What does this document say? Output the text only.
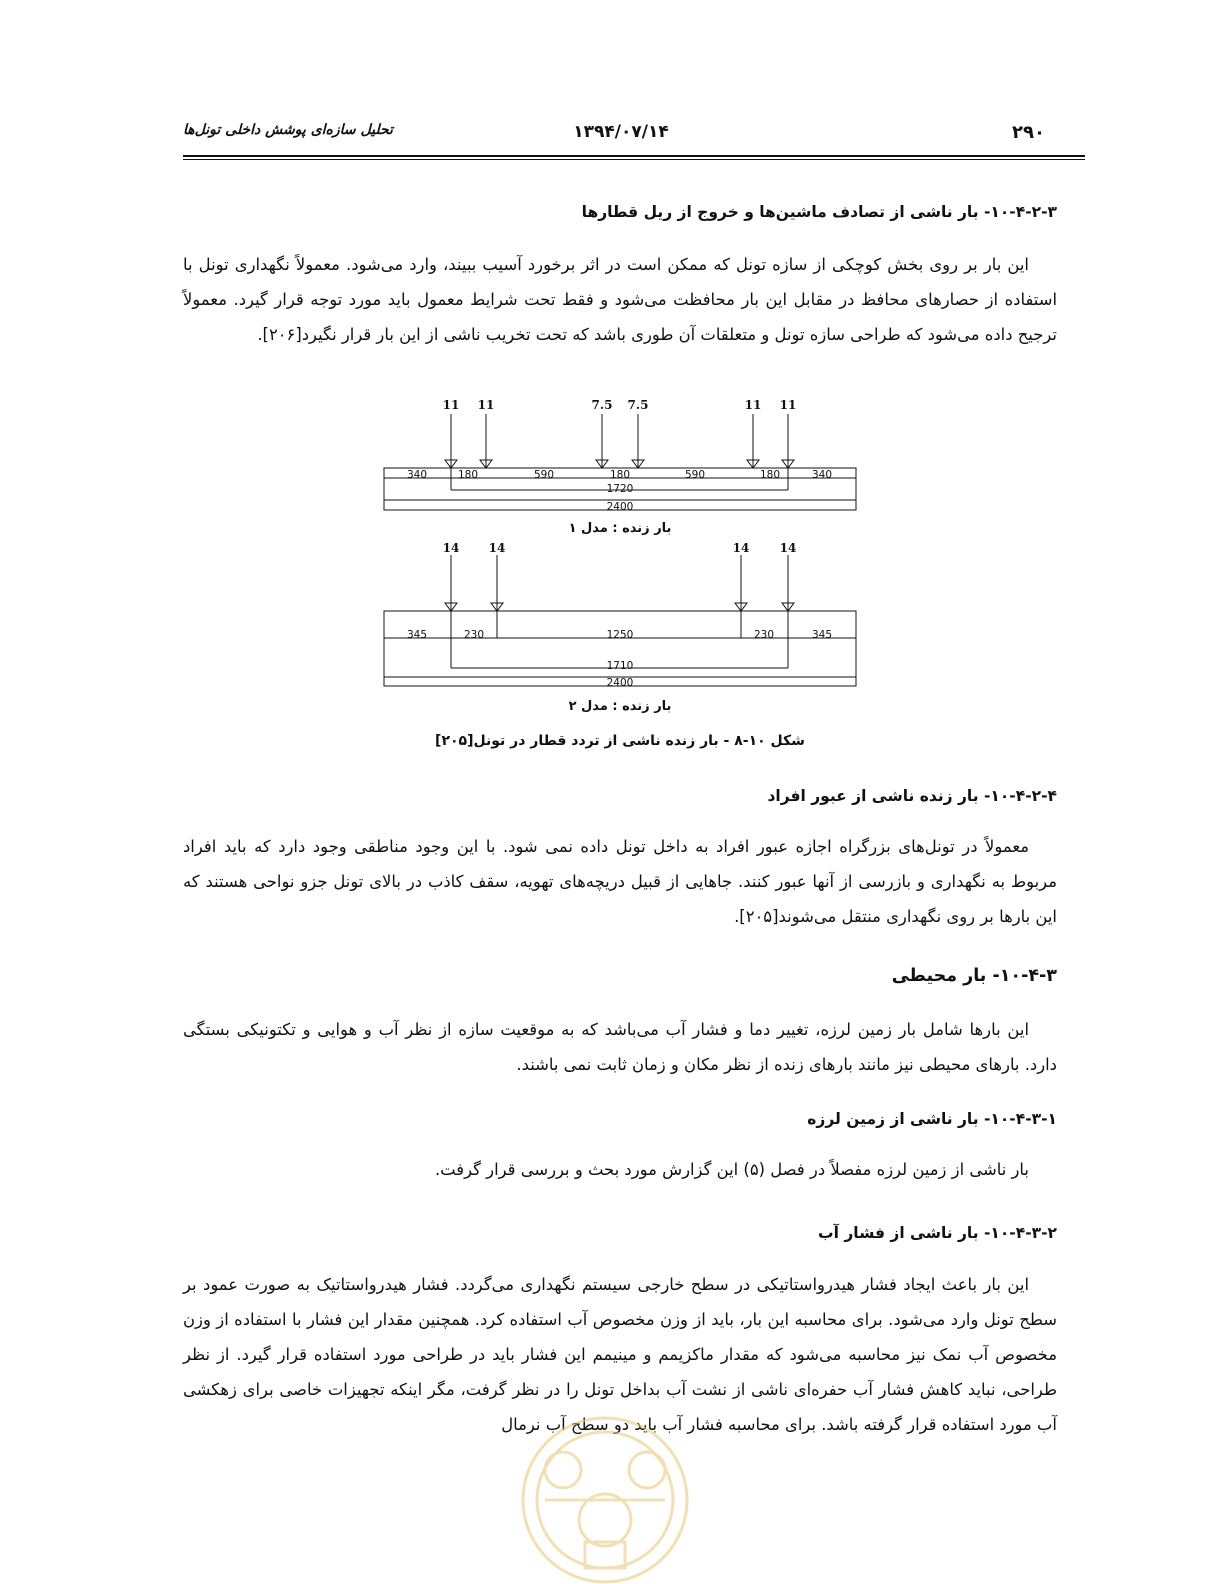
۲۹۰
۱۳۹۴/۰۷/۱۴
تحلیل سازه‌ای پوشش داخلی تونل‌ها
۱۰-۴-۲-۳- بار ناشی از تصادف ماشین‌ها و خروج از ریل قطارها
این بار بر روی بخش کوچکی از سازه تونل که ممکن است در اثر برخورد آسیب ببیند، وارد می‌شود. معمولاً نگهداری تونل با استفاده از حصارهای محافظ در مقابل این بار محافظت می‌شود و فقط تحت شرایط معمول باید مورد توجه قرار گیرد. معمولاً ترجیح داده می‌شود که طراحی سازه تونل و متعلقات آن طوری باشد که تحت تخریب ناشی از این بار قرار نگیرد[۲۰۶].
11 11	7.5 7.5	11 11
340	180	590	180	590	180	340
1720
2400
345	230	1250	230	345
1710
2400
14 14	14	14
بار زنده : مدل ۱
بار زنده : مدل ۲
شکل ۱۰-۸ - بار زنده ناشی از تردد قطار در تونل[۲۰۵]
۱۰-۴-۲-۴- بار زنده ناشی از عبور افراد
معمولاً در تونل‌های بزرگراه اجازه عبور افراد به داخل تونل داده نمی شود. با این وجود مناطقی وجود دارد که باید افراد مربوط به نگهداری و بازرسی از آنها عبور کنند. جاهایی از قبیل دریچه‌های تهویه، سقف کاذب در بالای تونل جزو نواحی هستند که این بارها بر روی نگهداری منتقل می‌شوند[۲۰۵].
۱۰-۴-۳- بار محیطی
این بارها شامل بار زمین لرزه، تغییر دما و فشار آب می‌باشد که به موقعیت سازه از نظر آب و هوایی و تکتونیکی بستگی دارد. بارهای محیطی نیز مانند بارهای زنده از نظر مکان و زمان ثابت نمی باشند.
۱۰-۴-۳-۱- بار ناشی از زمین لرزه
بار ناشی از زمین لرزه مفصلاً در فصل (۵) این گزارش مورد بحث و بررسی قرار گرفت.
۱۰-۴-۳-۲- بار ناشی از فشار آب
این بار باعث ایجاد فشار هیدرواستاتیکی در سطح خارجی سیستم نگهداری می‌گردد. فشار هیدرواستاتیک به صورت عمود بر سطح تونل وارد می‌شود. برای محاسبه این بار، باید از وزن مخصوص آب استفاده کرد. همچنین مقدار این فشار با استفاده از وزن مخصوص آب نمک نیز محاسبه می‌شود که مقدار ماکزیمم و مینیمم این فشار باید در طراحی مورد استفاده قرار گیرد. از نظر طراحی، نباید کاهش فشار آب حفره‌ای ناشی از نشت آب بداخل تونل را در نظر گرفت، مگر اینکه تجهیزات خاصی برای زهکشی آب مورد استفاده قرار گرفته باشد. برای محاسبه فشار آب باید دو سطح آب نرمال
